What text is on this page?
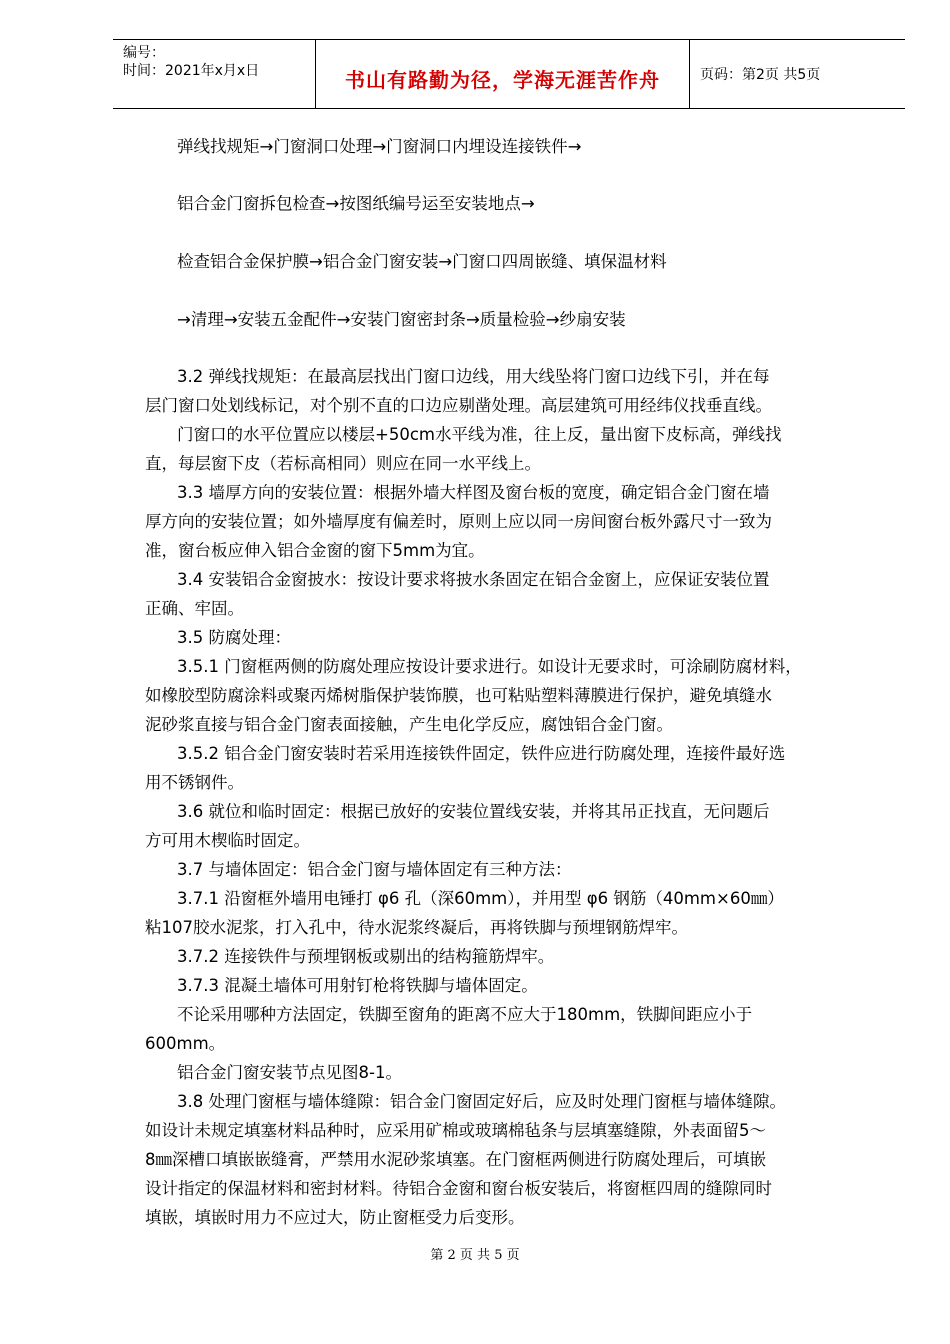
编号：
时间：2021年x月x日	书山有路勤为径，学海无涯苦作舟	页码：第2页 共5页
弹线找规矩→门窗洞口处理→门窗洞口内埋设连接铁件→
铝合金门窗拆包检查→按图纸编号运至安装地点→
检查铝合金保护膜→铝合金门窗安装→门窗口四周嵌缝、填保温材料
→清理→安装五金配件→安装门窗密封条→质量检验→纱扇安装
3.2 弹线找规矩：在最高层找出门窗口边线，用大线坠将门窗口边线下引，并在每
层门窗口处划线标记，对个别不直的口边应剔凿处理。高层建筑可用经纬仪找垂直线。
门窗口的水平位置应以楼层+50cm水平线为准，往上反，量出窗下皮标高，弹线找
直，每层窗下皮（若标高相同）则应在同一水平线上。
3.3 墙厚方向的安装位置：根据外墙大样图及窗台板的宽度，确定铝合金门窗在墙
厚方向的安装位置；如外墙厚度有偏差时，原则上应以同一房间窗台板外露尺寸一致为
准，窗台板应伸入铝合金窗的窗下5mm为宜。
3.4 安装铝合金窗披水：按设计要求将披水条固定在铝合金窗上，应保证安装位置
正确、牢固。
3.5 防腐处理：
3.5.1 门窗框两侧的防腐处理应按设计要求进行。如设计无要求时，可涂刷防腐材料，
如橡胶型防腐涂料或聚丙烯树脂保护装饰膜，也可粘贴塑料薄膜进行保护，避免填缝水
泥砂浆直接与铝合金门窗表面接触，产生电化学反应，腐蚀铝合金门窗。
3.5.2 铝合金门窗安装时若采用连接铁件固定，铁件应进行防腐处理，连接件最好选
用不锈钢件。
3.6 就位和临时固定：根据已放好的安装位置线安装，并将其吊正找直，无问题后
方可用木楔临时固定。
3.7 与墙体固定：铝合金门窗与墙体固定有三种方法：
3.7.1 沿窗框外墙用电锤打 φ6 孔（深60mm），并用型 φ6 钢筋（40mm×60㎜）
粘107胶水泥浆，打入孔中，待水泥浆终凝后，再将铁脚与预埋钢筋焊牢。
3.7.2 连接铁件与预埋钢板或剔出的结构箍筋焊牢。
3.7.3 混凝土墙体可用射钉枪将铁脚与墙体固定。
不论采用哪种方法固定，铁脚至窗角的距离不应大于180mm，铁脚间距应小于
600mm。
铝合金门窗安装节点见图8-1。
3.8 处理门窗框与墙体缝隙：铝合金门窗固定好后，应及时处理门窗框与墙体缝隙。
如设计未规定填塞材料品种时，应采用矿棉或玻璃棉毡条与层填塞缝隙，外表面留5～
8㎜深槽口填嵌嵌缝膏，严禁用水泥砂浆填塞。在门窗框两侧进行防腐处理后，可填嵌
设计指定的保温材料和密封材料。待铝合金窗和窗台板安装后，将窗框四周的缝隙同时
填嵌，填嵌时用力不应过大，防止窗框受力后变形。
第 2 页 共 5 页
